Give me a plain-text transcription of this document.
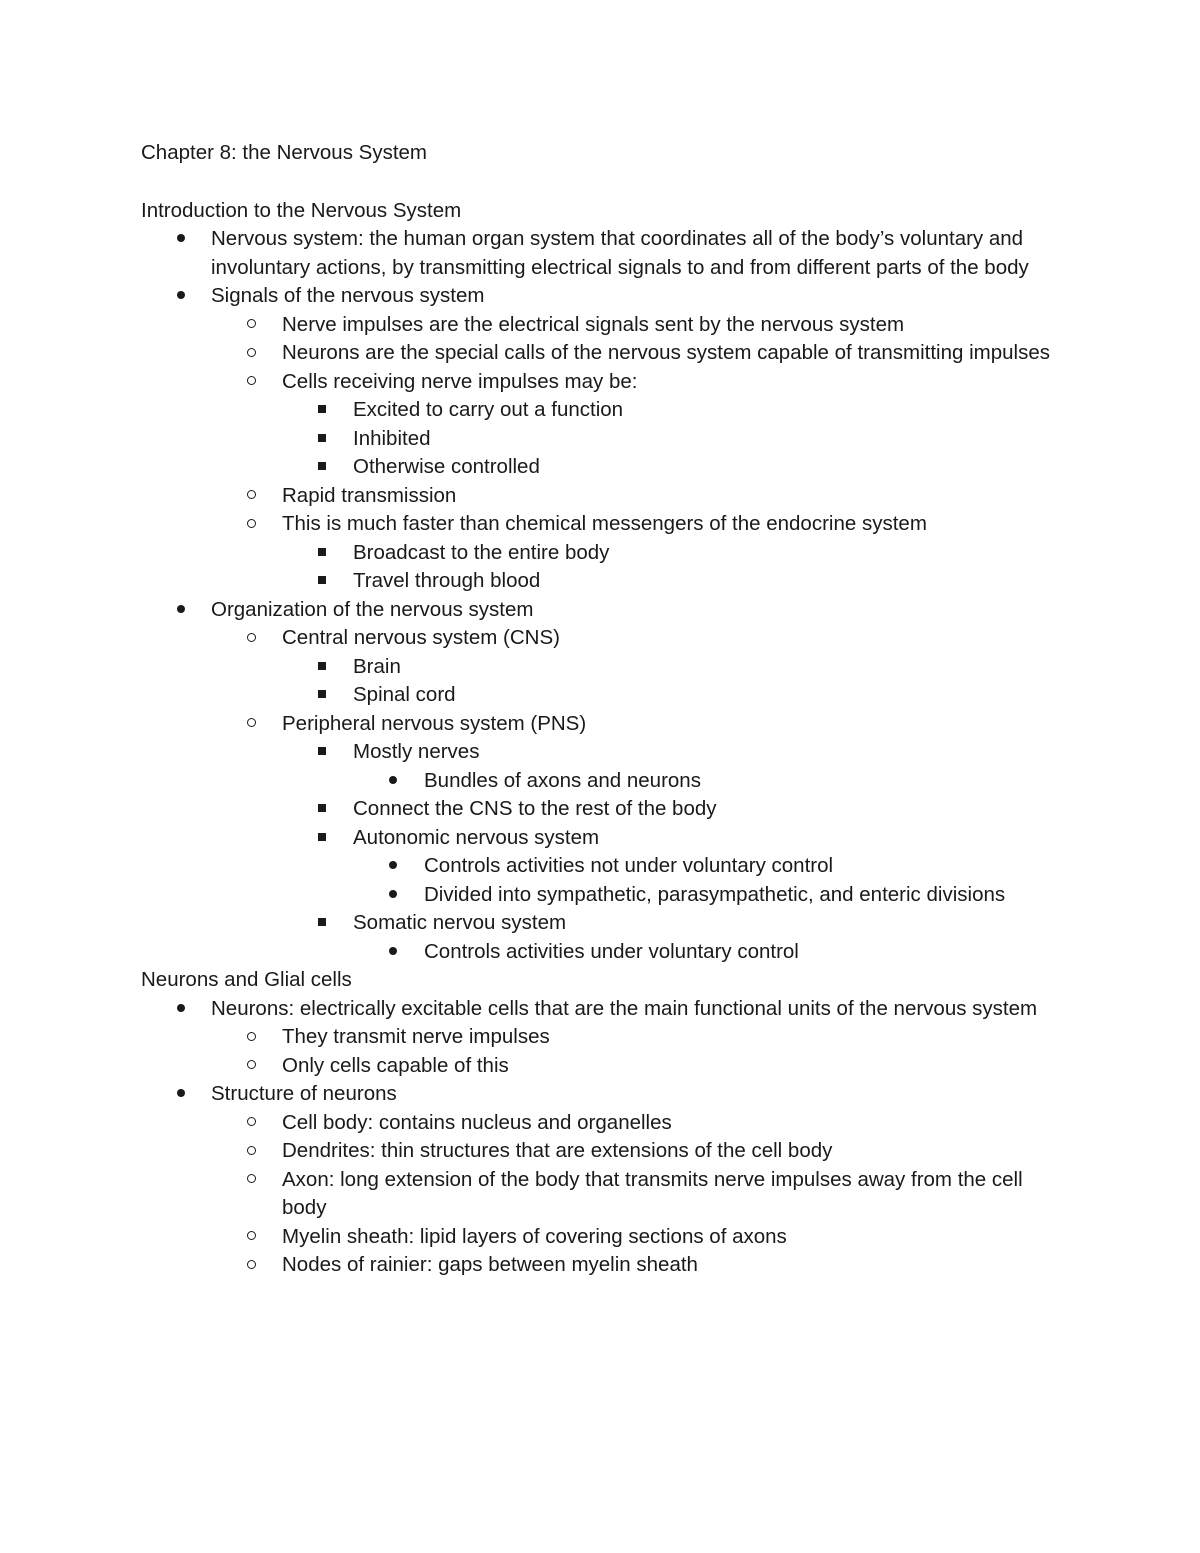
Chapter 8: the Nervous System
Introduction to the Nervous System
Nervous system: the human organ system that coordinates all of the body’s voluntary and involuntary actions, by transmitting electrical signals to and from different parts of the body
Signals of the nervous system
Nerve impulses are the electrical signals sent by the nervous system
Neurons are the special calls of the nervous system capable of transmitting impulses
Cells receiving nerve impulses may be:
Excited to carry out a function
Inhibited
Otherwise controlled
Rapid transmission
This is much faster than chemical messengers of the endocrine system
Broadcast to the entire body
Travel through blood
Organization of the nervous system
Central nervous system (CNS)
Brain
Spinal cord
Peripheral nervous system (PNS)
Mostly nerves
Bundles of axons and neurons
Connect the CNS to the rest of the body
Autonomic nervous system
Controls activities not under voluntary control
Divided into sympathetic, parasympathetic, and enteric divisions
Somatic nervou system
Controls activities under voluntary control
Neurons and Glial cells
Neurons: electrically excitable cells that are the main functional units of the nervous system
They transmit nerve impulses
Only cells capable of this
Structure of neurons
Cell body: contains nucleus and organelles
Dendrites: thin structures that are extensions of the cell body
Axon: long extension of the body that transmits nerve impulses away from the cell body
Myelin sheath: lipid layers of covering sections of axons
Nodes of rainier: gaps between myelin sheath
